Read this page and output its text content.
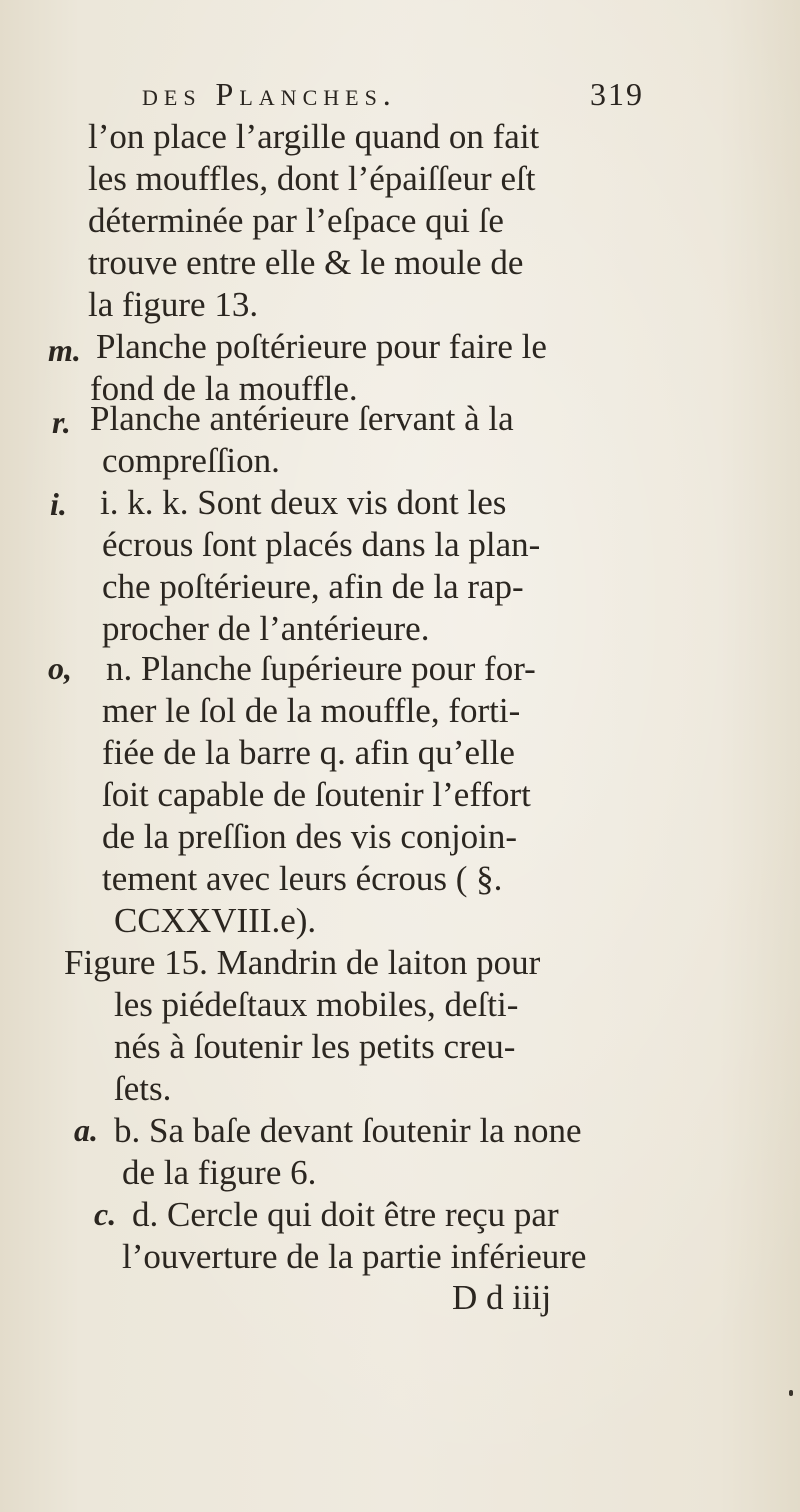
des Planches.	319
l’on place l’argille quand on fait
les mouffles, dont l’épaiſſeur eſt
déterminée par l’eſpace qui ſe
trouve entre elle & le moule de
la figure 13.
m. Planche poſtérieure pour faire le
fond de la mouffle.
r. Planche antérieure ſervant à la
compreſſion.
i. i. k. k. Sont deux vis dont les
écrous ſont placés dans la plan-
che poſtérieure, afin de la rap-
procher de l’antérieure.
o, n. Planche ſupérieure pour for-
mer le ſol de la mouffle, forti-
fiée de la barre q. afin qu’elle
ſoit capable de ſoutenir l’effort
de la preſſion des vis conjoin-
tement avec leurs écrous ( §.
CCXXVIII.e).
Figure 15. Mandrin de laiton pour
les piédeſtaux mobiles, deſti-
nés à ſoutenir les petits creu-
ſets.
a. b. Sa baſe devant ſoutenir la none
de la figure 6.
c. d. Cercle qui doit être reçu par
l’ouverture de la partie inférieure
D d iiij
